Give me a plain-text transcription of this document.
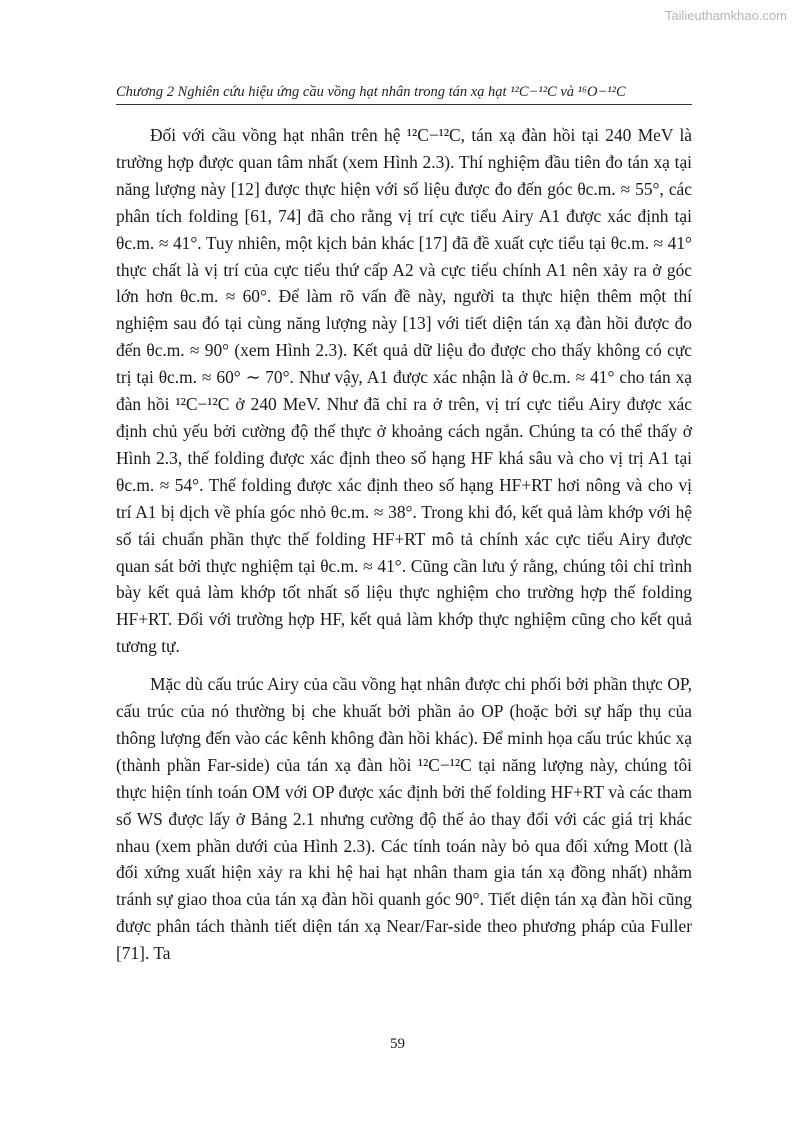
Tailieuthamkhao.com
Chương 2 Nghiên cứu hiệu ứng cầu vồng hạt nhân trong tán xạ hạt ¹²C−¹²C và ¹⁶O−¹²C

Đối với cầu vồng hạt nhân trên hệ ¹²C−¹²C, tán xạ đàn hồi tại 240 MeV là trường hợp được quan tâm nhất (xem Hình 2.3). Thí nghiệm đầu tiên đo tán xạ tại năng lượng này [12] được thực hiện với số liệu được đo đến góc θc.m. ≈ 55°, các phân tích folding [61, 74] đã cho rằng vị trí cực tiểu Airy A1 được xác định tại θc.m. ≈ 41°. Tuy nhiên, một kịch bản khác [17] đã đề xuất cực tiểu tại θc.m. ≈ 41° thực chất là vị trí của cực tiểu thứ cấp A2 và cực tiểu chính A1 nên xảy ra ở góc lớn hơn θc.m. ≈ 60°. Để làm rõ vấn đề này, người ta thực hiện thêm một thí nghiệm sau đó tại cùng năng lượng này [13] với tiết diện tán xạ đàn hồi được đo đến θc.m. ≈ 90° (xem Hình 2.3). Kết quả dữ liệu đo được cho thấy không có cực trị tại θc.m. ≈ 60° ∼ 70°. Như vậy, A1 được xác nhận là ở θc.m. ≈ 41° cho tán xạ đàn hồi ¹²C−¹²C ở 240 MeV. Như đã chỉ ra ở trên, vị trí cực tiểu Airy được xác định chủ yếu bởi cường độ thế thực ở khoảng cách ngắn. Chúng ta có thể thấy ở Hình 2.3, thế folding được xác định theo số hạng HF khá sâu và cho vị trị A1 tại θc.m. ≈ 54°. Thế folding được xác định theo số hạng HF+RT hơi nông và cho vị trí A1 bị dịch về phía góc nhỏ θc.m. ≈ 38°. Trong khi đó, kết quả làm khớp với hệ số tái chuẩn phần thực thế folding HF+RT mô tả chính xác cực tiểu Airy được quan sát bởi thực nghiệm tại θc.m. ≈ 41°. Cũng cần lưu ý rằng, chúng tôi chỉ trình bày kết quả làm khớp tốt nhất số liệu thực nghiệm cho trường hợp thế folding HF+RT. Đối với trường hợp HF, kết quả làm khớp thực nghiệm cũng cho kết quả tương tự.

Mặc dù cấu trúc Airy của cầu vồng hạt nhân được chi phối bởi phần thực OP, cấu trúc của nó thường bị che khuất bởi phần ảo OP (hoặc bởi sự hấp thụ của thông lượng đến vào các kênh không đàn hồi khác). Để minh họa cấu trúc khúc xạ (thành phần Far-side) của tán xạ đàn hồi ¹²C−¹²C tại năng lượng này, chúng tôi thực hiện tính toán OM với OP được xác định bởi thế folding HF+RT và các tham số WS được lấy ở Bảng 2.1 nhưng cường độ thế ảo thay đổi với các giá trị khác nhau (xem phần dưới của Hình 2.3). Các tính toán này bỏ qua đối xứng Mott (là đối xứng xuất hiện xảy ra khi hệ hai hạt nhân tham gia tán xạ đồng nhất) nhằm tránh sự giao thoa của tán xạ đàn hồi quanh góc 90°. Tiết diện tán xạ đàn hồi cũng được phân tách thành tiết diện tán xạ Near/Far-side theo phương pháp của Fuller [71]. Ta

59
